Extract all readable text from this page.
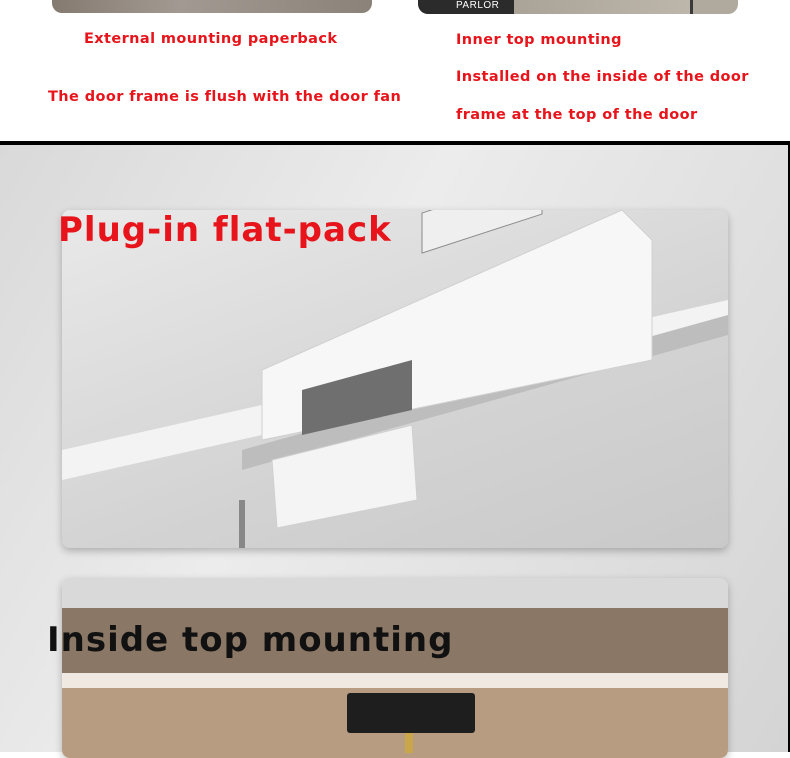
PARLOR
External mounting paperback
The door frame is flush with the door fan
Inner top mounting
Installed on the inside of the door
frame at the top of the door
Plug-in flat-pack
Inside top mounting
